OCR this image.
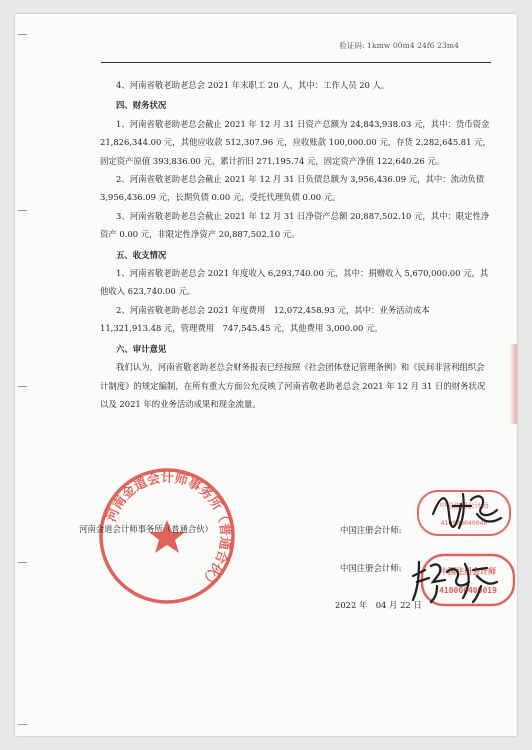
验证码: 1kmw 00m4 24f6 23m4

4、河南省敬老助老总会 2021 年末职工 20 人，其中：工作人员 20 人。

四、财务状况

1、河南省敬老助老总会截止 2021 年 12 月 31 日资产总额为 24,843,938.03 元，其中：货币资金 21,826,344.00 元，其他应收款 512,307.96 元，应收账款 100,000.00 元，存货 2,282,645.81 元，固定资产原值 393,836.00 元，累计折旧 271,195.74 元，固定资产净值 122,640.26 元。

2、河南省敬老助老总会截止 2021 年 12 月 31 日负债总额为 3,956,436.09 元，其中：流动负债 3,956,436.09 元，长期负债 0.00 元，受托代理负债 0.00 元。

3、河南省敬老助老总会截止 2021 年 12 月 31 日净资产总额 20,887,502.10 元，其中：限定性净资产 0.00 元，非限定性净资产 20,887,502.10 元。

五、收支情况

1、河南省敬老助老总会 2021 年度收入 6,293,740.00 元，其中：捐赠收入 5,670,000.00 元，其他收入 623,740.00 元。

2、河南省敬老助老总会 2021 年度费用　12,072,458.93 元，其中：业务活动成本 11,321,913.48 元，管理费用　747,545.45 元，其他费用 3,000.00 元。

六、审计意见

我们认为，河南省敬老助老总会财务报表已经按照《社会团体登记管理条例》和《民间非营利组织会计制度》的规定编制，在所有重大方面公允反映了河南省敬老助老总会 2021 年 12 月 31 日的财务状况以及 2021 年的业务活动成果和现金流量。

河南金道会计师事务所（普通合伙）
河南金道会计师事务所（普通合伙）	中国注册会计师:
中国注册会计师:
中国注册会计师
410000040040
中国注册会计师
410000400019
2022 年　04 月 22 日
